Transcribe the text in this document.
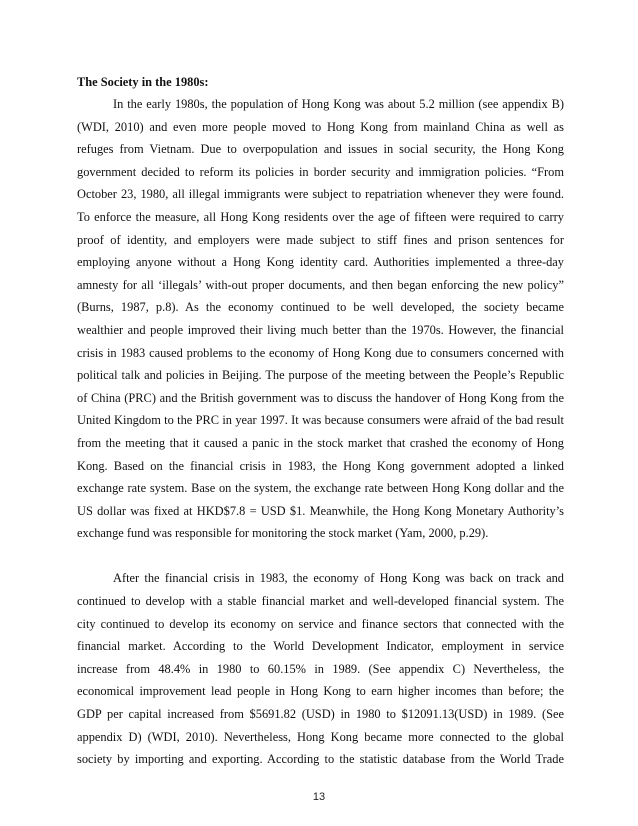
The Society in the 1980s:
In the early 1980s, the population of Hong Kong was about 5.2 million (see appendix B)
(WDI, 2010) and even more people moved to Hong Kong from mainland China as well as
refuges from Vietnam. Due to overpopulation and issues in social security, the Hong Kong
government decided to reform its policies in border security and immigration policies. “From
October 23, 1980, all illegal immigrants were subject to repatriation whenever they were found.
To enforce the measure, all Hong Kong residents over the age of fifteen were required to carry
proof of identity, and employers were made subject to stiff fines and prison sentences for
employing anyone without a Hong Kong identity card. Authorities implemented a three-day
amnesty for all ‘illegals’ with-out proper documents, and then began enforcing the new policy”
(Burns, 1987, p.8). As the economy continued to be well developed, the society became
wealthier and people improved their living much better than the 1970s. However, the financial
crisis in 1983 caused problems to the economy of Hong Kong due to consumers concerned with
political talk and policies in Beijing. The purpose of the meeting between the People’s Republic
of China (PRC) and the British government was to discuss the handover of Hong Kong from the
United Kingdom to the PRC in year 1997. It was because consumers were afraid of the bad result
from the meeting that it caused a panic in the stock market that crashed the economy of Hong
Kong. Based on the financial crisis in 1983, the Hong Kong government adopted a linked
exchange rate system. Base on the system, the exchange rate between Hong Kong dollar and the
US dollar was fixed at HKD$7.8 = USD $1. Meanwhile, the Hong Kong Monetary Authority’s
exchange fund was responsible for monitoring the stock market (Yam, 2000, p.29).
After the financial crisis in 1983, the economy of Hong Kong was back on track and
continued to develop with a stable financial market and well-developed financial system. The
city continued to develop its economy on service and finance sectors that connected with the
financial market. According to the World Development Indicator, employment in service
increase from 48.4% in 1980 to 60.15% in 1989. (See appendix C) Nevertheless, the
economical improvement lead people in Hong Kong to earn higher incomes than before; the
GDP per capital increased from $5691.82 (USD) in 1980 to $12091.13(USD) in 1989. (See
appendix D) (WDI, 2010). Nevertheless, Hong Kong became more connected to the global
society by importing and exporting. According to the statistic database from the World Trade
13
